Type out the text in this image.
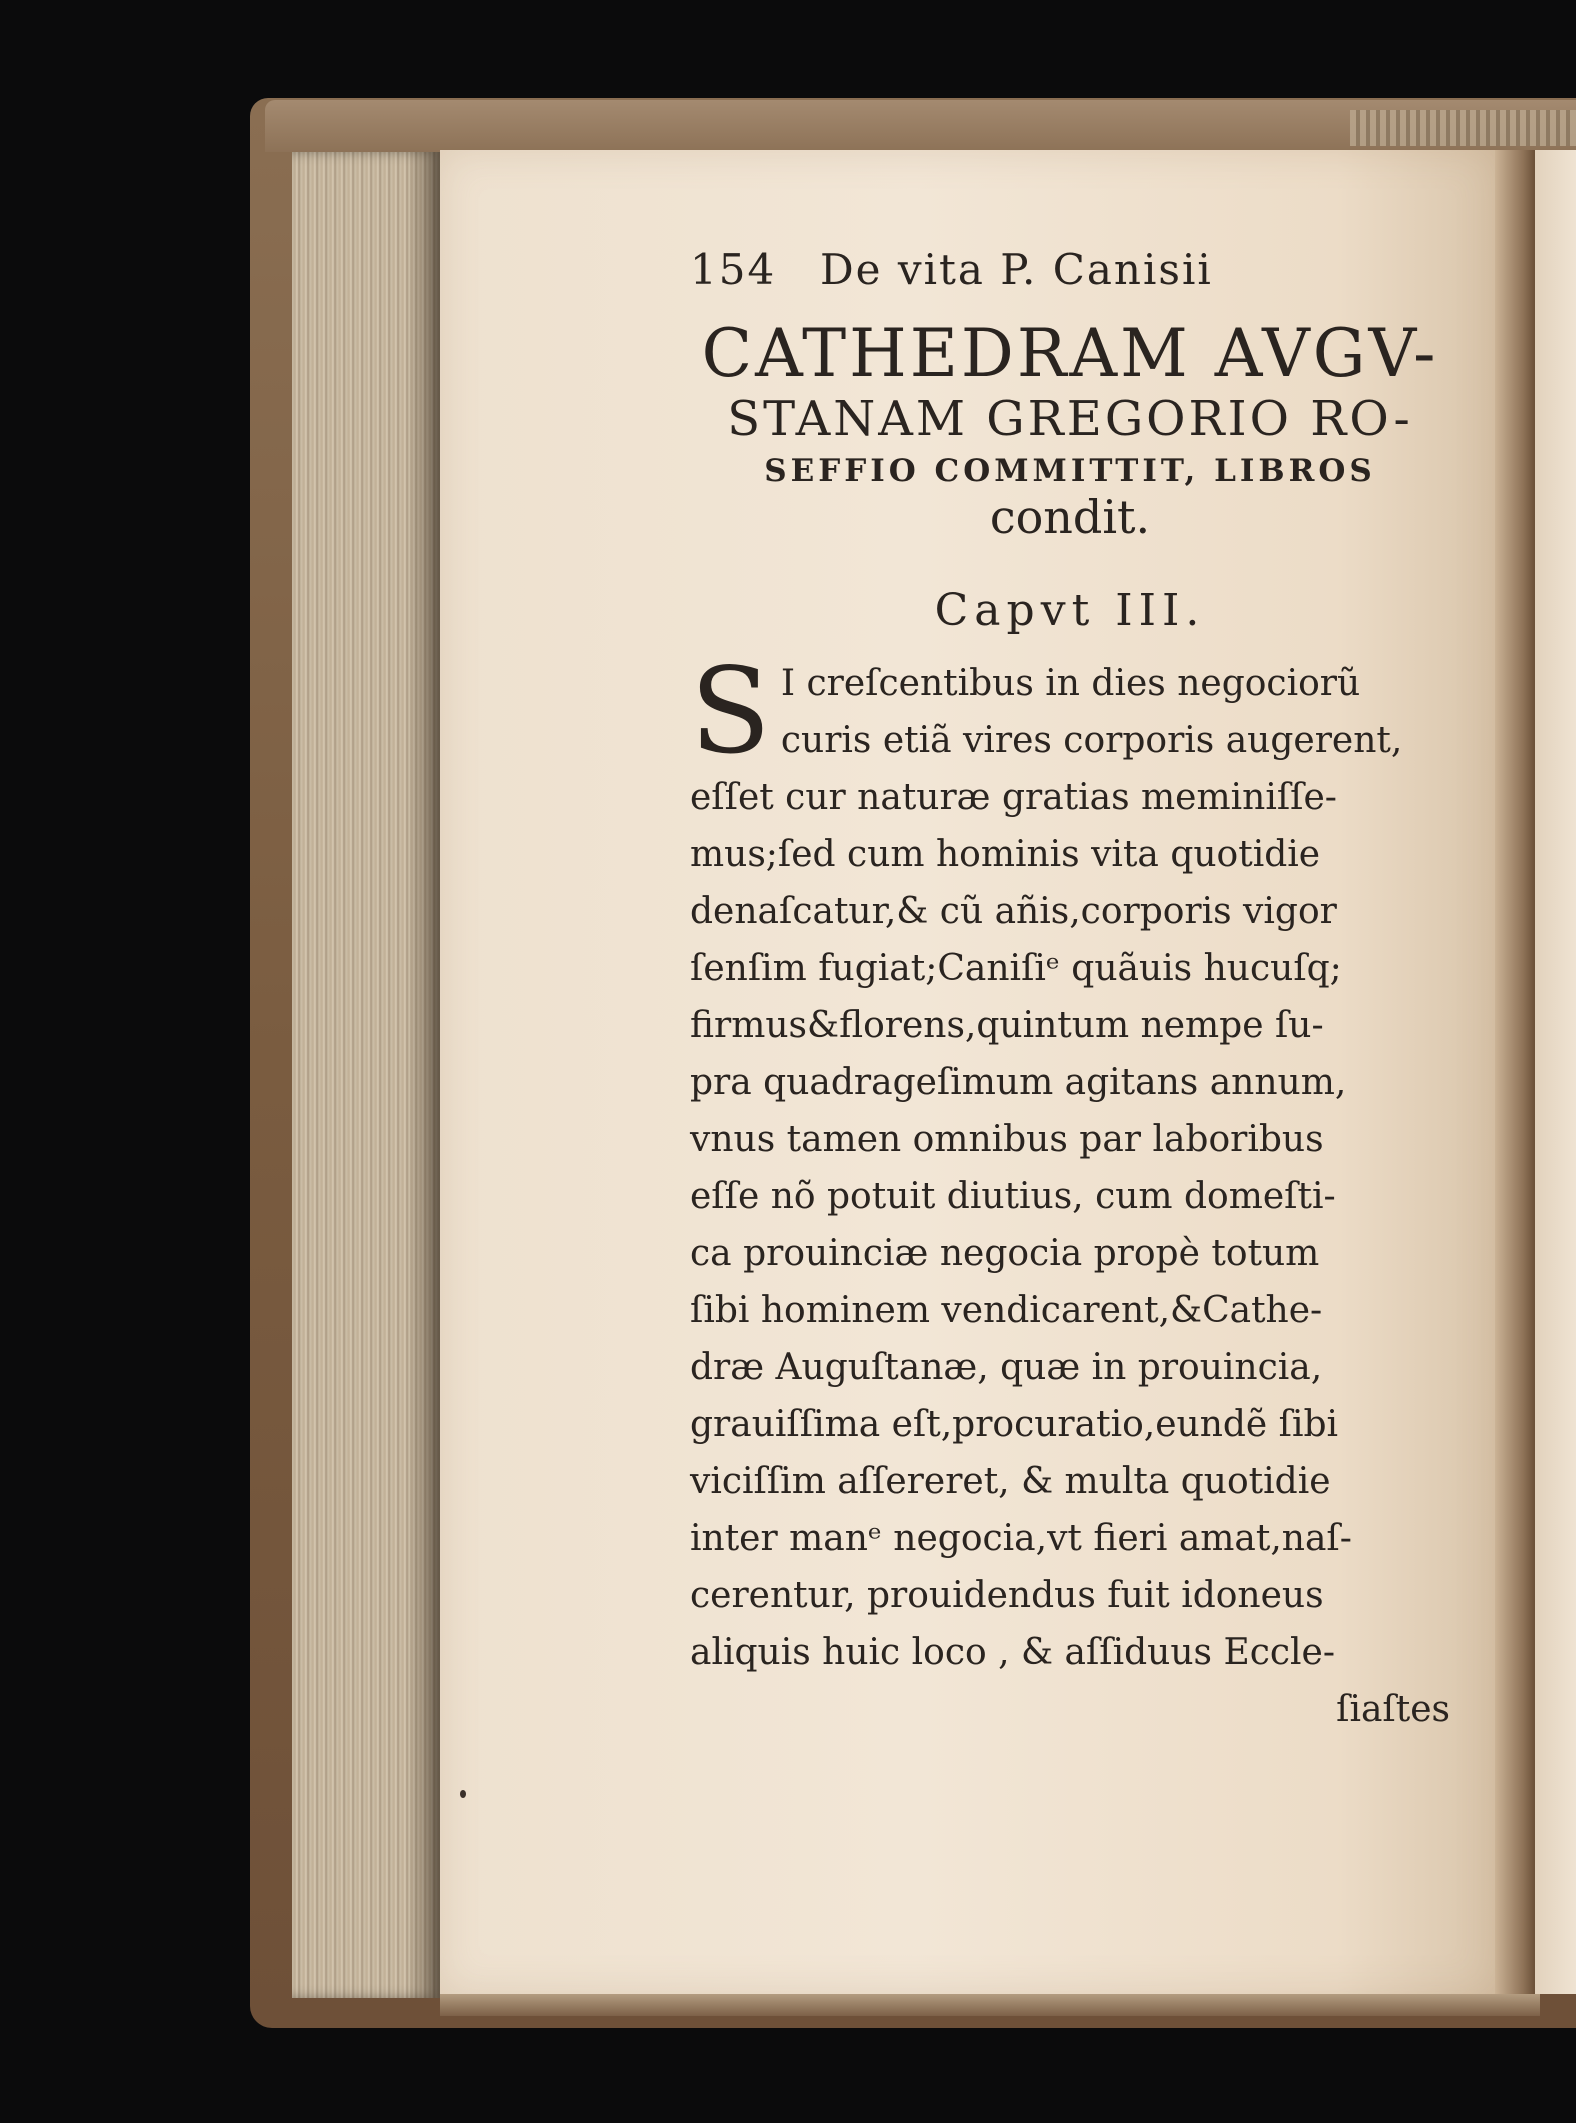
154 De vita P. Canisii
CATHEDRAM AVGV-
STANAM GREGORIO RO-
SEFFIO COMMITTIT, LIBROS
condit.
Capvt III.
S I creſcentibus in dies negociorũ
curis etiã vires corporis augerent,
eſſet cur naturæ gratias meminiſſe-
mus;ſed cum hominis vita quotidie
denaſcatur,& cũ añis,corporis vigor
ſenſim fugiat;Caniſiᵉ quãuis hucuſq;
firmus&florens,quintum nempe ſu-
pra quadrageſimum agitans annum,
vnus tamen omnibus par laboribus
eſſe nõ potuit diutius, cum domeſti-
ca prouinciæ negocia propè totum
ſibi hominem vendicarent,&Cathe-
dræ Auguſtanæ, quæ in prouincia,
grauiſſima eſt,procuratio,eundẽ ſibi
viciſſim aſſereret, & multa quotidie
inter manᵉ negocia,vt fieri amat,naſ-
cerentur, prouidendus fuit idoneus
aliquis huic loco , & aſſiduus Eccle-
ſiaſtes
